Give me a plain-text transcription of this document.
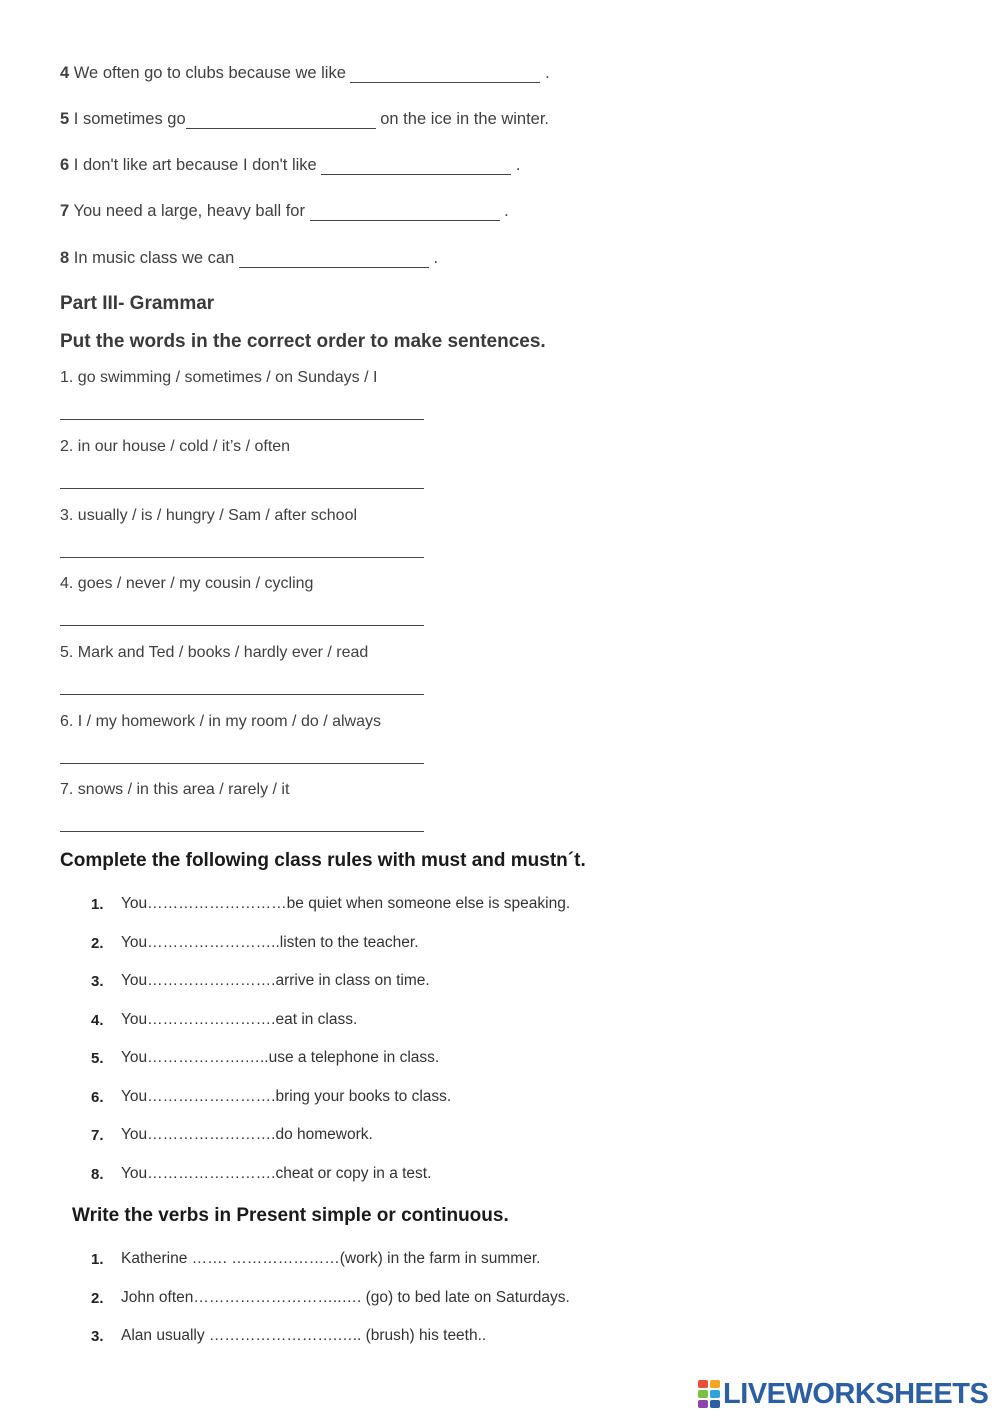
4 We often go to clubs because we like	.
5 I sometimes go	on the ice in the winter.
6 I don't like art because I don't like	.
7 You need a large, heavy ball for	.
8 In music class we can	.
Part III- Grammar
Put the words in the correct order to make sentences.
1. go swimming / sometimes / on Sundays / I
2. in our house / cold / it’s / often
3. usually / is / hungry / Sam / after school
4. goes / never / my cousin / cycling
5. Mark and Ted / books / hardly ever / read
6. I / my homework / in my room / do / always
7. snows / in this area / rarely / it
Complete the following class rules with must and mustn´t.
1. You………………………be quiet when someone else is speaking.
2. You……………………..listen to the teacher.
3. You…………………….arrive in class on time.
4. You…………………….eat in class.
5. You……………….…..use a telephone in class.
6. You…………………….bring your books to class.
7. You…………………….do homework.
8. You…………………….cheat or copy in a test.
Write the verbs in Present simple or continuous.
1. Katherine ……. …………………(work) in the farm in summer.
2. John often………………………..…. (go) to bed late on Saturdays.
3. Alan usually …………………….….. (brush) his teeth..
LIVEWORKSHEETS
